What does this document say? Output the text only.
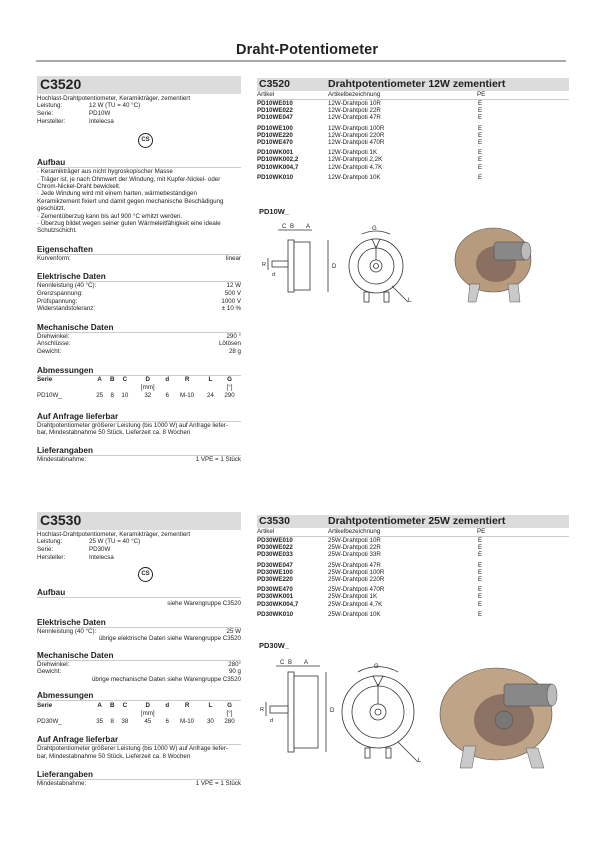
Draht-Potentiometer
C3520
Hochlast-Drahtpotentiometer, Keramikträger, zementiert
Leistung:	12 W (TU = 40 °C)
Serie:	PD10W
Hersteller:	Intelecsa
CS
Aufbau
· Keramikträger aus nicht hygroskopischer Masse
· Träger ist, je nach Ohmwert der Windung, mit Kupfer-Nickel- oder
Chrom-Nickel-Draht bewickelt.
· Jede Windung wird mit einem harten, wärmebeständigen
Keramikzement fixiert und damit gegen mechanische Beschädigung
geschützt.
· Zementüberzug kann bis auf 900 °C erhitzt werden.
· Überzug bildet wegen seiner guten Wärmeleitfähigkeit eine ideale
Schutzschicht.
Eigenschaften
Kurvenform:	linear
Elektrische Daten
Nennleistung (40 °C):	12 W
Grenzspannung:	500 V
Prüfspannung:	1000 V
Widerstandstoleranz:	± 10 %
Mechanische Daten
Drehwinkel:	290 °
Anschlüsse:	Lötösen
Gewicht:	28 g
Abmessungen
Serie	A	B	C	D	d	R	L	G
				[mm]				[°]
PD10W_	25	8	10	32	6	M-10	24	290
Auf Anfrage lieferbar
Drahtpotentiometer größerer Leistung (bis 1000 W) auf Anfrage liefer-
bar, Mindestabnahme 50 Stück, Lieferzeit ca. 8 Wochen
Lieferangaben
Mindestabnahme:	1 VPE = 1 Stück
C3520	Drahtpotentiometer 12W zementiert
Artikel	Artikelbezeichnung	PE
PD10WE010	12W-Drahtpoti 10R	E
PD10WE022	12W-Drahtpoti 22R	E
PD10WE047	12W-Drahtpoti 47R	E
PD10WE100	12W-Drahtpoti 100R	E
PD10WE220	12W-Drahtpoti 220R	E
PD10WE470	12W-Drahtpoti 470R	E
PD10WK001	12W-Drahtpoti 1K	E
PD10WK002,2	12W-Drahtpoti 2,2K	E
PD10WK004,7	12W-Drahtpoti 4,7K	E
PD10WK010	12W-Drahtpoti 10K	E
PD10W_
C B A
R
d
D
G
L
C3530
Hochlast-Drahtpotentiometer, Keramikträger, zementiert
Leistung:	25 W (TU = 40 °C)
Serie:	PD30W
Hersteller:	Intelecsa
CS
Aufbau
siehe Warengruppe C3520
Elektrische Daten
Nennleistung (40 °C):	25 W
übrige elektrische Daten siehe Warengruppe C3520
Mechanische Daten
Drehwinkel:	280°
Gewicht:	90 g
übrige mechanische Daten siehe Warengruppe C3520
Abmessungen
Serie	A	B	C	D	d	R	L	G
				[mm]				[°]
PD30W_	35	8	38	45	6	M-10	30	280
Auf Anfrage lieferbar
Drahtpotentiometer größerer Leistung (bis 1000 W) auf Anfrage liefer-
bar, Mindestabnahme 50 Stück, Lieferzeit ca. 8 Wochen
Lieferangaben
Mindestabnahme:	1 VPE = 1 Stück
C3530	Drahtpotentiometer 25W zementiert
Artikel	Artikelbezeichnung	PE
PD30WE010	25W-Drahtpoti 10R	E
PD30WE022	25W-Drahtpoti 22R	E
PD30WE033	25W-Drahtpoti 33R	E
PD30WE047	25W-Drahtpoti 47R	E
PD30WE100	25W-Drahtpoti 100R	E
PD30WE220	25W-Drahtpoti 220R	E
PD30WE470	25W-Drahtpoti 470R	E
PD30WK001	25W-Drahtpoti 1K	E
PD30WK004,7	25W-Drahtpoti 4,7K	E
PD30WK010	25W-Drahtpoti 10K	E
PD30W_
C B A
R
d
D
G
L
